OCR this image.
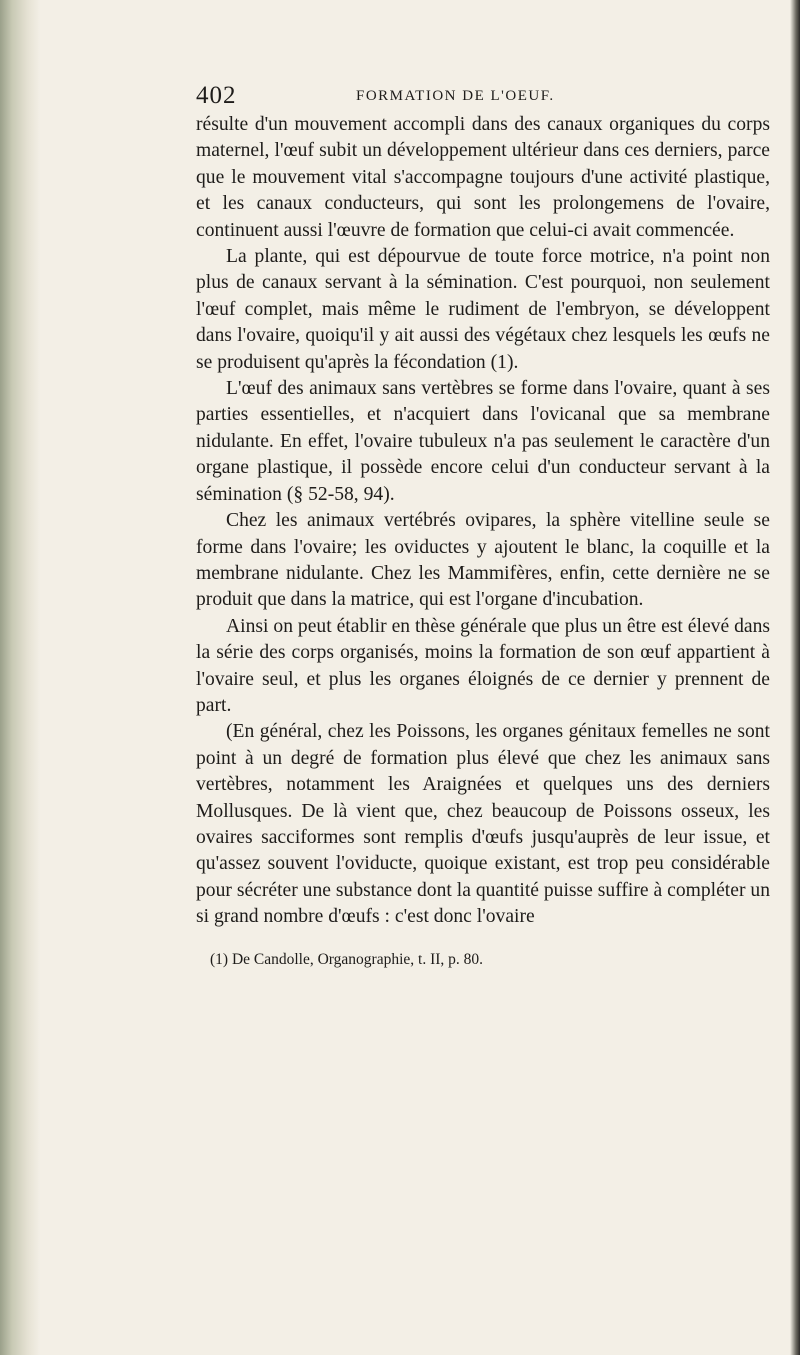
402	FORMATION DE L'OEUF.

résulte d'un mouvement accompli dans des canaux organiques du corps maternel, l'œuf subit un développement ultérieur dans ces derniers, parce que le mouvement vital s'accompagne toujours d'une activité plastique, et les canaux conducteurs, qui sont les prolongemens de l'ovaire, continuent aussi l'œuvre de formation que celui-ci avait commencée.

La plante, qui est dépourvue de toute force motrice, n'a point non plus de canaux servant à la sémination. C'est pourquoi, non seulement l'œuf complet, mais même le rudiment de l'embryon, se développent dans l'ovaire, quoiqu'il y ait aussi des végétaux chez lesquels les œufs ne se produisent qu'après la fécondation (1).

L'œuf des animaux sans vertèbres se forme dans l'ovaire, quant à ses parties essentielles, et n'acquiert dans l'ovicanal que sa membrane nidulante. En effet, l'ovaire tubuleux n'a pas seulement le caractère d'un organe plastique, il possède encore celui d'un conducteur servant à la sémination (§ 52-58, 94).

Chez les animaux vertébrés ovipares, la sphère vitelline seule se forme dans l'ovaire; les oviductes y ajoutent le blanc, la coquille et la membrane nidulante. Chez les Mammifères, enfin, cette dernière ne se produit que dans la matrice, qui est l'organe d'incubation.

Ainsi on peut établir en thèse générale que plus un être est élevé dans la série des corps organisés, moins la formation de son œuf appartient à l'ovaire seul, et plus les organes éloignés de ce dernier y prennent de part.

(En général, chez les Poissons, les organes génitaux femelles ne sont point à un degré de formation plus élevé que chez les animaux sans vertèbres, notamment les Araignées et quelques uns des derniers Mollusques. De là vient que, chez beaucoup de Poissons osseux, les ovaires sacciformes sont remplis d'œufs jusqu'auprès de leur issue, et qu'assez souvent l'oviducte, quoique existant, est trop peu considérable pour sécréter une substance dont la quantité puisse suffire à compléter un si grand nombre d'œufs : c'est donc l'ovaire

(1) De Candolle, Organographie, t. II, p. 80.
